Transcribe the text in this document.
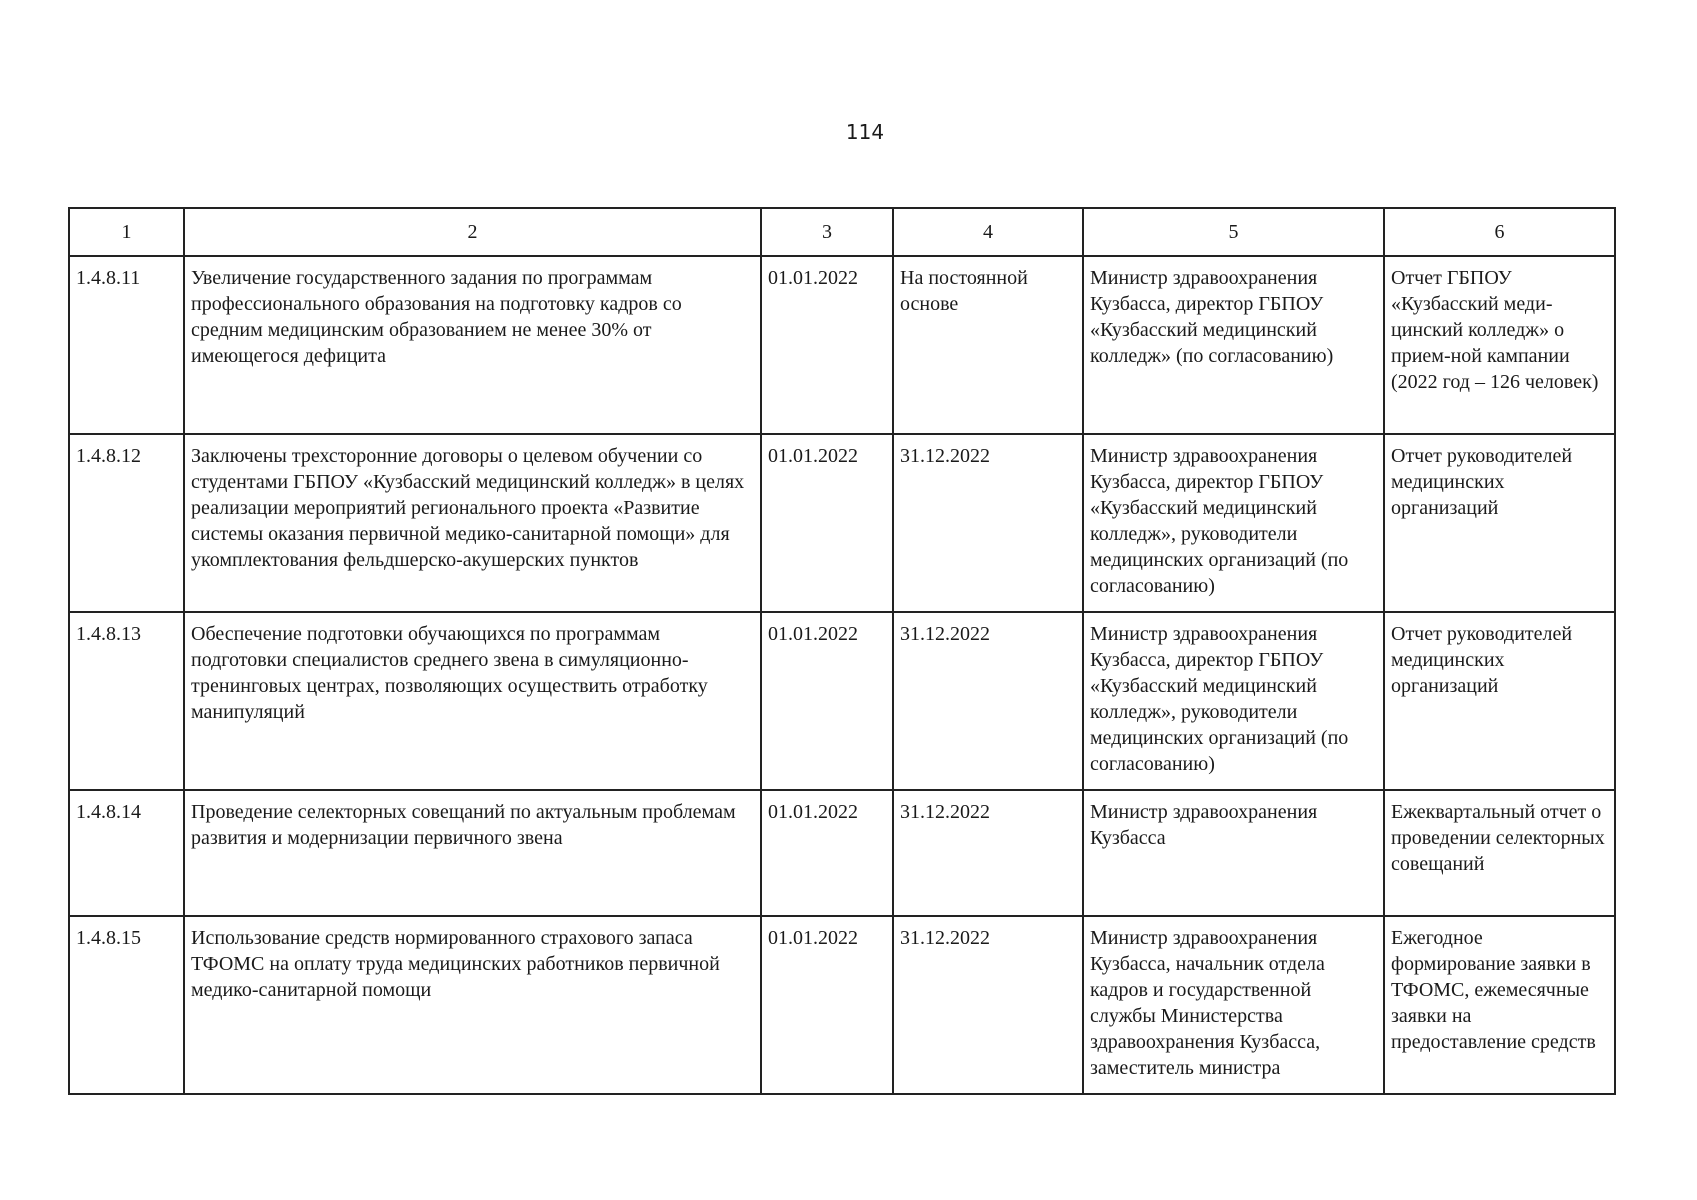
114
1	2	3	4	5	6
1.4.8.11	Увеличение государственного задания по программам профессионального образования на подготовку кадров со средним медицинским образованием не менее 30% от имеющегося дефицита	01.01.2022	На постоянной основе	Министр здравоохранения Кузбасса, директор ГБПОУ «Кузбасский медицинский колледж» (по согласованию)	Отчет ГБПОУ «Кузбасский меди-цинский колледж» о прием-ной кампании (2022 год – 126 человек)
1.4.8.12	Заключены трехсторонние договоры о целевом обучении со студентами ГБПОУ «Кузбасский медицинский колледж» в целях реализации мероприятий регионального проекта «Развитие системы оказания первичной медико-санитарной помощи» для укомплектования фельдшерско-акушерских пунктов	01.01.2022	31.12.2022	Министр здравоохранения Кузбасса, директор ГБПОУ «Кузбасский медицинский колледж», руководители медицинских организаций (по согласованию)	Отчет руководителей медицинских организаций
1.4.8.13	Обеспечение подготовки обучающихся по программам подготовки специалистов среднего звена в симуляционно-тренинговых центрах, позволяющих осуществить отработку манипуляций	01.01.2022	31.12.2022	Министр здравоохранения Кузбасса, директор ГБПОУ «Кузбасский медицинский колледж», руководители медицинских организаций (по согласованию)	Отчет руководителей медицинских организаций
1.4.8.14	Проведение селекторных совещаний по актуальным проблемам развития и модернизации первичного звена	01.01.2022	31.12.2022	Министр здравоохранения Кузбасса	Ежеквартальный отчет о проведении селекторных совещаний
1.4.8.15	Использование средств нормированного страхового запаса ТФОМС на оплату труда медицинских работников первичной медико-санитарной помощи	01.01.2022	31.12.2022	Министр здравоохранения Кузбасса, начальник отдела кадров и государственной службы Министерства здравоохранения Кузбасса, заместитель министра	Ежегодное формирование заявки в ТФОМС, ежемесячные заявки на предоставление средств
